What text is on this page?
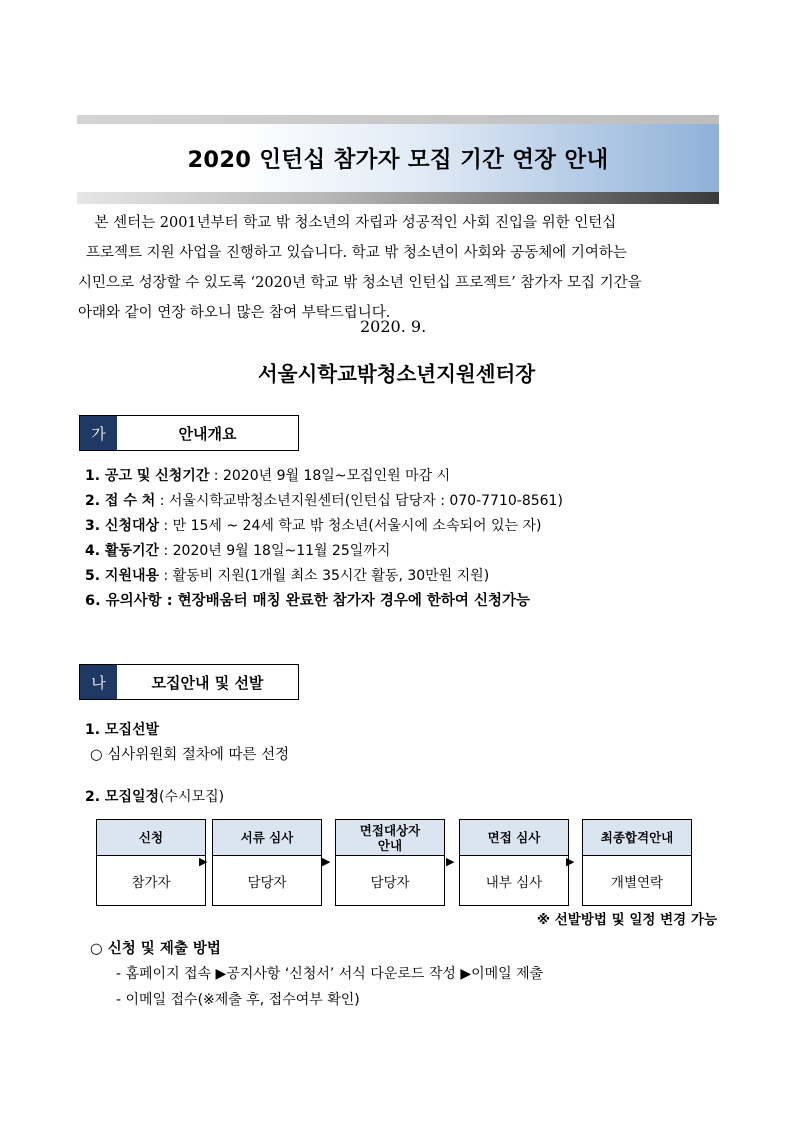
2020 인턴십 참가자 모집 기간 연장 안내
　본 센터는 2001년부터 학교 밖 청소년의 자립과 성공적인 사회 진입을 위한 인턴십
프로젝트 지원 사업을 진행하고 있습니다. 학교 밖 청소년이 사회와 공동체에 기여하는
시민으로 성장할 수 있도록 ‘2020년 학교 밖 청소년 인턴십 프로젝트’ 참가자 모집 기간을
아래와 같이 연장 하오니 많은 참여 부탁드립니다.
2020. 9.
서울시학교밖청소년지원센터장
가	안내개요
1. 공고 및 신청기간 : 2020년 9월 18일~모집인원 마감 시
2. 접 수 처 : 서울시학교밖청소년지원센터(인턴십 담당자 : 070-7710-8561)
3. 신청대상 : 만 15세 ~ 24세 학교 밖 청소년(서울시에 소속되어 있는 자)
4. 활동기간 : 2020년 9월 18일~11월 25일까지
5. 지원내용 : 활동비 지원(1개월 최소 35시간 활동, 30만원 지원)
6. 유의사항 : 현장배움터 매칭 완료한 참가자 경우에 한하여 신청가능
나	모집안내 및 선발
1. 모집선발
○ 심사위원회 절차에 따른 선정
2. 모집일정(수시모집)
신청
참가자
▶
서류 심사
담당자
▶
면접대상자
안내
담당자
▶
면접 심사
내부 심사
▶
최종합격안내
개별연락
※ 선발방법 및 일정 변경 가능
○ 신청 및 제출 방법
- 홈페이지 접속 ▶공지사항 ‘신청서’ 서식 다운로드 작성 ▶이메일 제출
- 이메일 접수(※제출 후, 접수여부 확인)
